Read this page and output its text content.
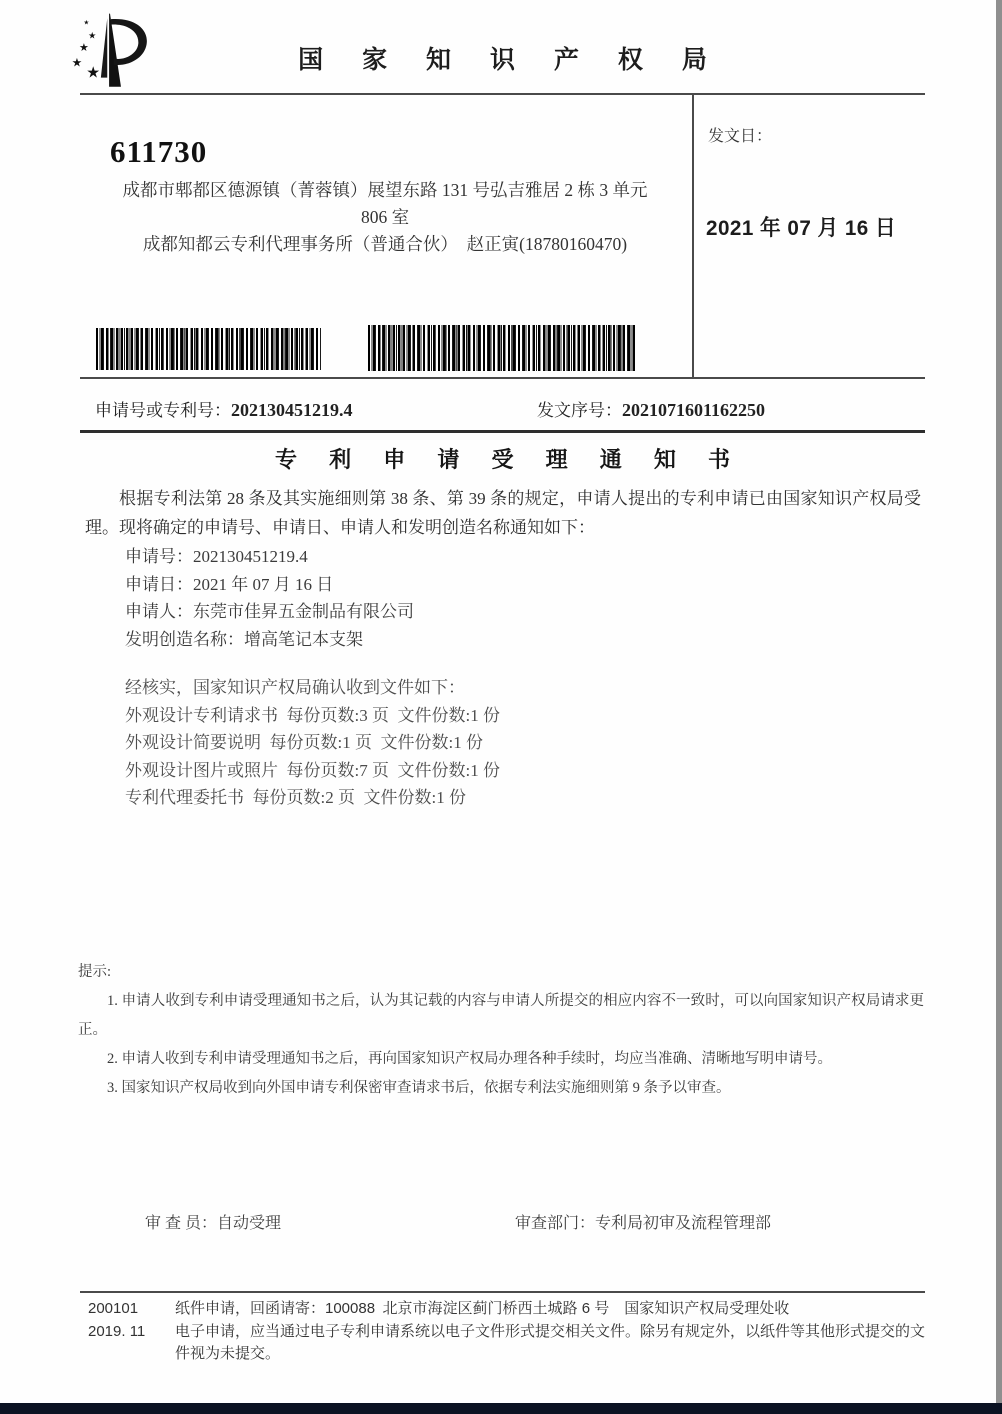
★
★
★
★
★
国 家 知 识 产 权 局
611730
成都市郫都区德源镇（菁蓉镇）展望东路 131 号弘吉雅居 2 栋 3 单元
806 室
成都知都云专利代理事务所（普通合伙） 赵正寅(18780160470)
发文日：
2021 年 07 月 16 日
申请号或专利号：202130451219.4	发文序号：2021071601162250
专 利 申 请 受 理 通 知 书
根据专利法第 28 条及其实施细则第 38 条、第 39 条的规定，申请人提出的专利申请已由国家知识产权局受理。现将确定的申请号、申请日、申请人和发明创造名称通知如下：

申请号：202130451219.4

申请日：2021 年 07 月 16 日

申请人：东莞市佳昇五金制品有限公司

发明创造名称：增高笔记本支架

经核实，国家知识产权局确认收到文件如下：

外观设计专利请求书 每份页数:3 页 文件份数:1 份

外观设计简要说明 每份页数:1 页 文件份数:1 份

外观设计图片或照片 每份页数:7 页 文件份数:1 份

专利代理委托书 每份页数:2 页 文件份数:1 份

提示:

1. 申请人收到专利申请受理通知书之后，认为其记载的内容与申请人所提交的相应内容不一致时，可以向国家知识产权局请求更正。

2. 申请人收到专利申请受理通知书之后，再向国家知识产权局办理各种手续时，均应当准确、清晰地写明申请号。

3. 国家知识产权局收到向外国申请专利保密审查请求书后，依据专利法实施细则第 9 条予以审查。

审 查 员：自动受理	审查部门：专利局初审及流程管理部
200101
2019. 11
纸件申请，回函请寄：100088 北京市海淀区蓟门桥西土城路 6 号 国家知识产权局受理处收
电子申请，应当通过电子专利申请系统以电子文件形式提交相关文件。除另有规定外，以纸件等其他形式提交的文件视为未提交。
